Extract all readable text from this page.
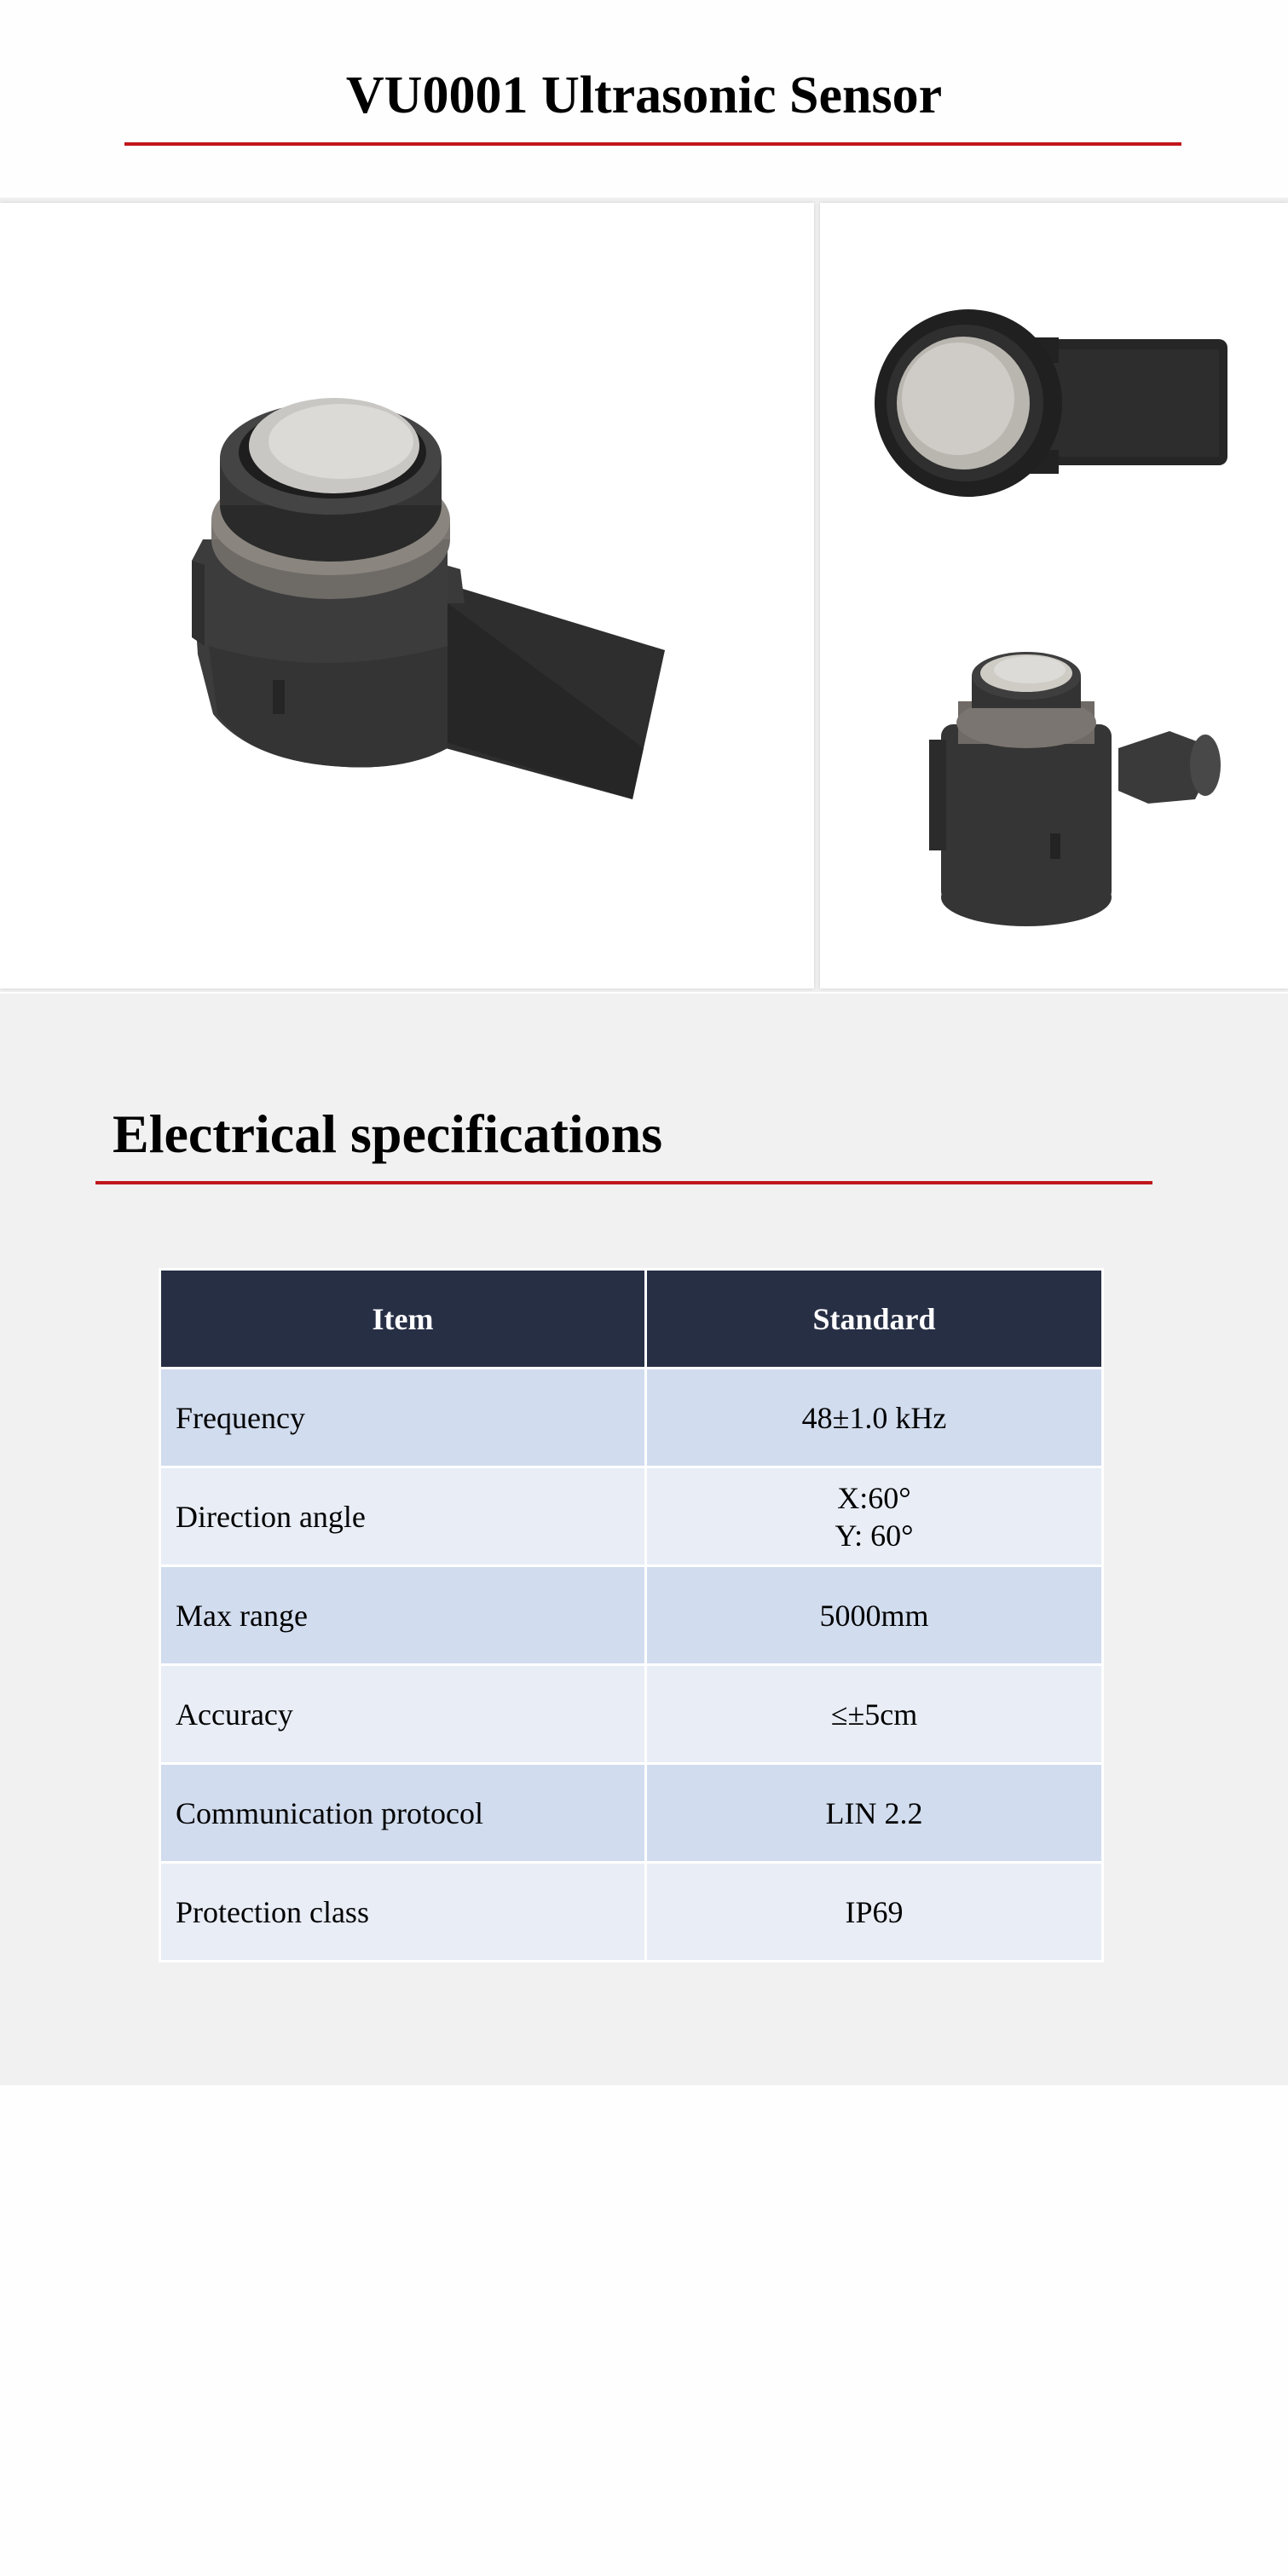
VU0001 Ultrasonic Sensor
Electrical specifications
Item	Standard
Frequency	48±1.0 kHz
Direction angle	X:60°
Y: 60°
Max range	5000mm
Accuracy	≤±5cm
Communication protocol	LIN 2.2
Protection class	IP69
